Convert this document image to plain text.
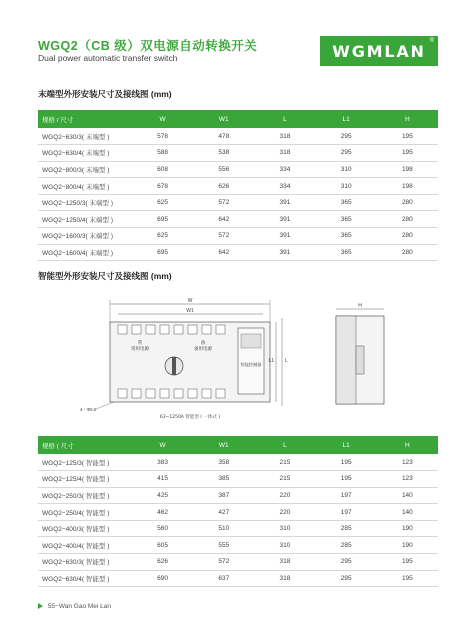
WGQ2（CB 级）双电源自动转换开关
Dual power automatic transfer switch	WGMLAN
®
末端型外形安装尺寸及接线图 (mm)
规格 / 尺寸	W	W1	L	L1	H
WGQ2−630/3( 末端型 )	578	478	318	295	195
WGQ2−630/4( 末端型 )	588	538	318	295	195
WGQ2−800/3( 末端型 )	608	556	334	310	198
WGQ2−800/4( 末端型 )	678	626	334	310	198
WGQ2−1250/3( 末端型 )	625	572	391	365	280
WGQ2−1250/4( 末端型 )	695	642	391	365	280
WGQ2−1600/3( 末端型 )	625	572	391	365	280
WGQ2−1600/4( 末端型 )	695	642	391	365	280
智能型外形安装尺寸及接线图 (mm)
W
W1
常
常用电源
备
备用电源
智能控制器
L1 L
4 - Φ6.5
63~1250A 智能型 ( 一体式 )
H
规格 ( 尺寸	W	W1	L	L1	H
WGQ2−125/3( 智能型 )	383	358	215	195	123
WGQ2−125/4( 智能型 )	415	385	215	195	123
WGQ2−250/3( 智能型 )	425	387	220	197	140
WGQ2−250/4( 智能型 )	462	427	220	197	140
WGQ2−400/3( 智能型 )	560	510	310	285	190
WGQ2−400/4( 智能型 )	605	555	310	285	190
WGQ2−630/3( 智能型 )	626	572	318	295	195
WGQ2−630/4( 智能型 )	690	637	318	295	195
55−Wan Gao Mei Lan
